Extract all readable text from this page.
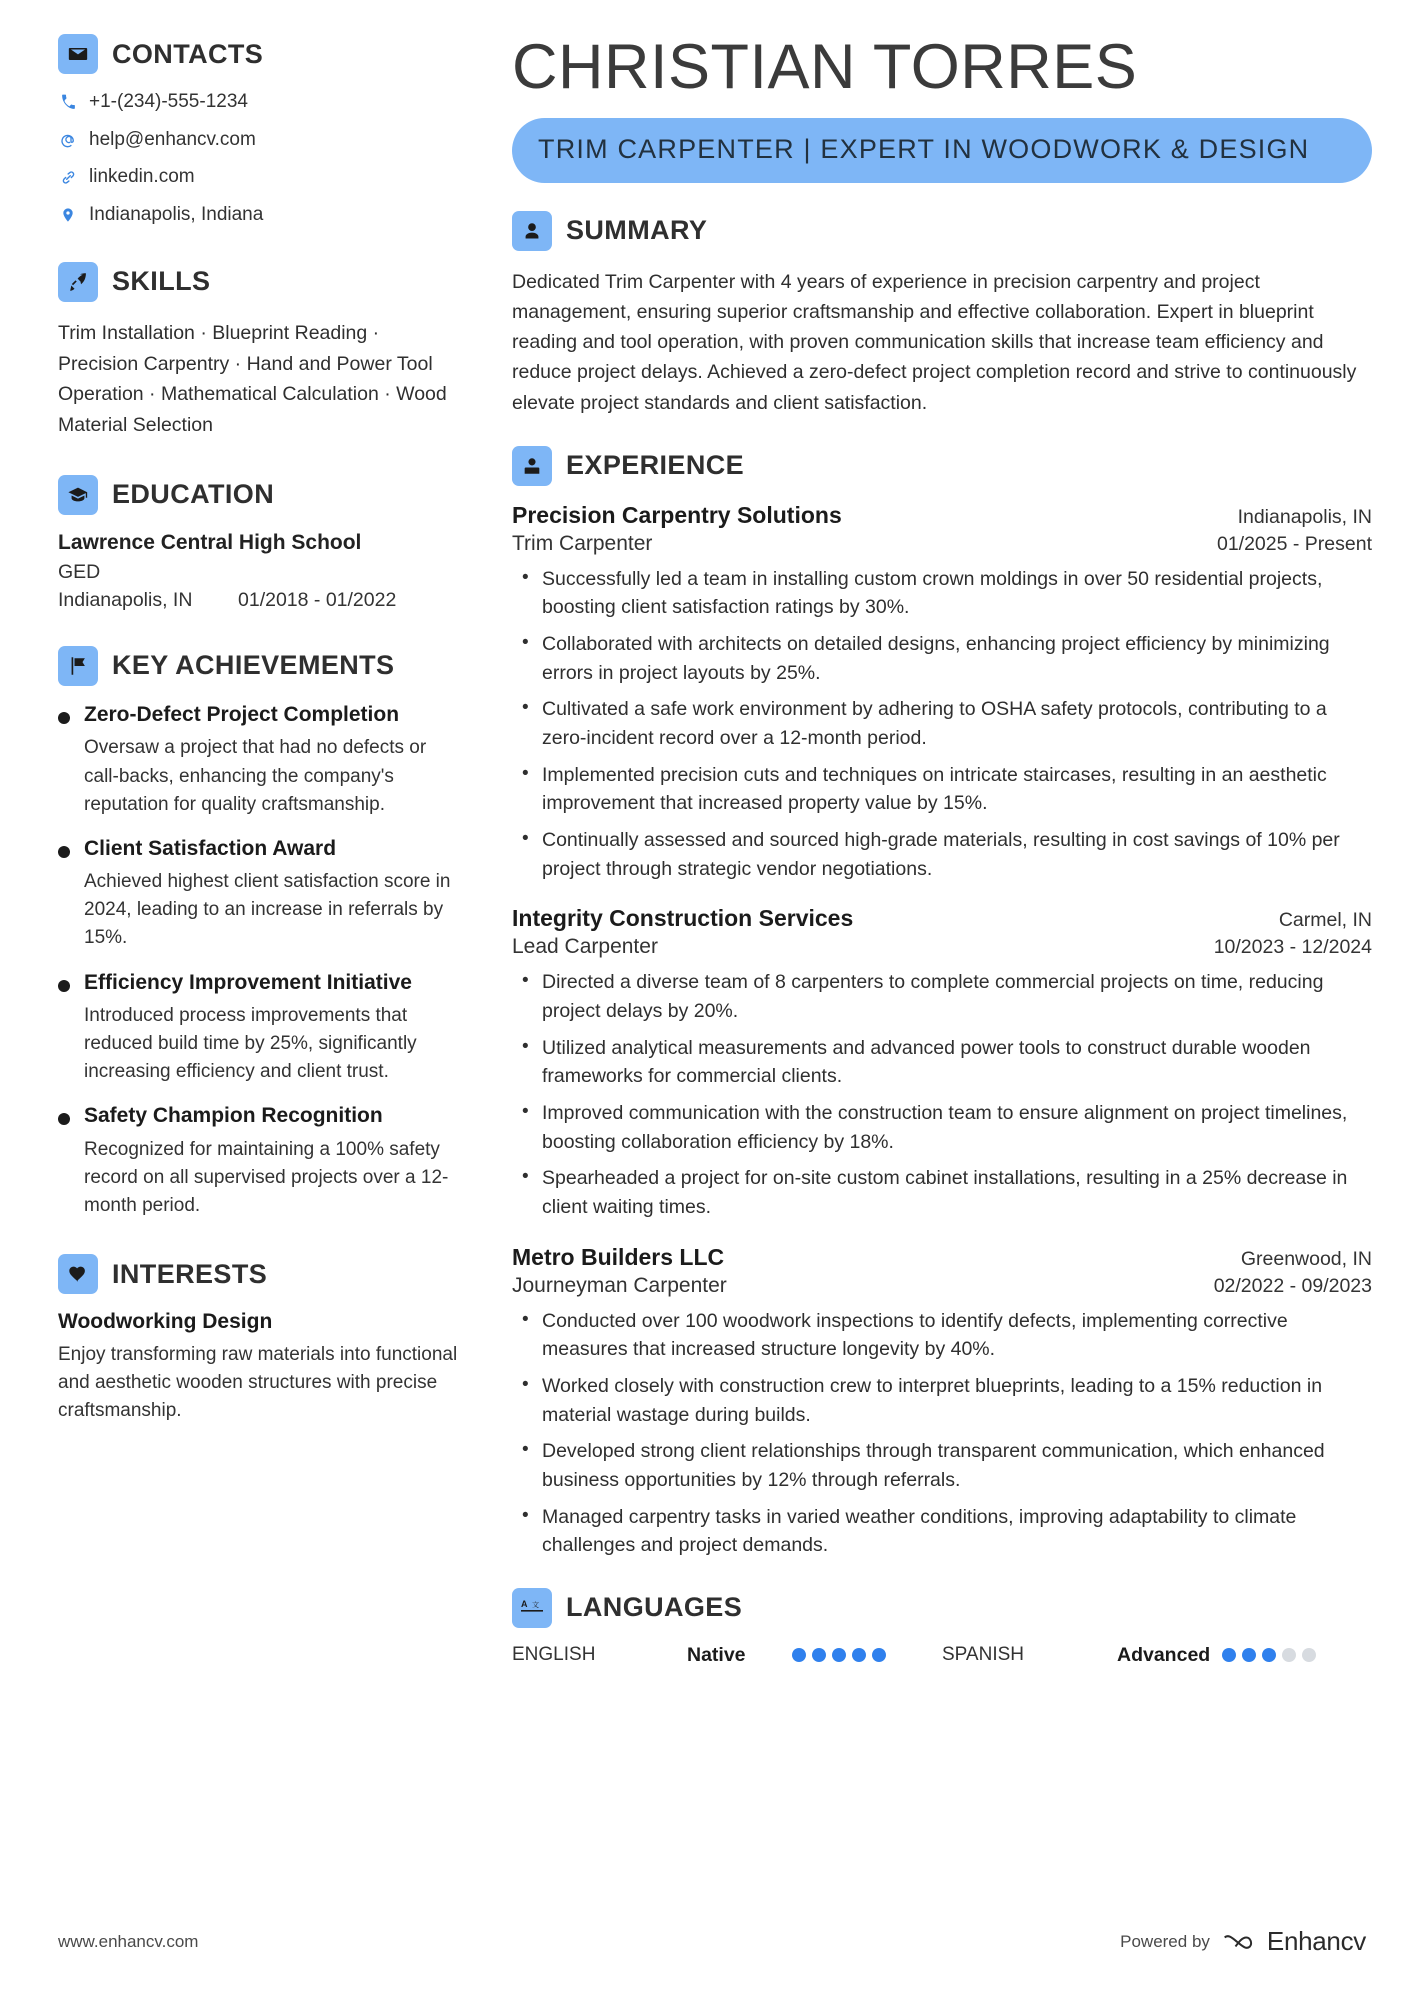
CONTACTS
+1-(234)-555-1234
help@enhancv.com
linkedin.com
Indianapolis, Indiana
SKILLS
Trim Installation · Blueprint Reading · Precision Carpentry · Hand and Power Tool Operation · Mathematical Calculation · Wood Material Selection
EDUCATION
Lawrence Central High School
GED
Indianapolis, IN	01/2018 - 01/2022
KEY ACHIEVEMENTS
Zero-Defect Project Completion
Oversaw a project that had no defects or call-backs, enhancing the company's reputation for quality craftsmanship.
Client Satisfaction Award
Achieved highest client satisfaction score in 2024, leading to an increase in referrals by 15%.
Efficiency Improvement Initiative
Introduced process improvements that reduced build time by 25%, significantly increasing efficiency and client trust.
Safety Champion Recognition
Recognized for maintaining a 100% safety record on all supervised projects over a 12-month period.
INTERESTS
Woodworking Design
Enjoy transforming raw materials into functional and aesthetic wooden structures with precise craftsmanship.
CHRISTIAN TORRES
TRIM CARPENTER | EXPERT IN WOODWORK & DESIGN
SUMMARY
Dedicated Trim Carpenter with 4 years of experience in precision carpentry and project management, ensuring superior craftsmanship and effective collaboration. Expert in blueprint reading and tool operation, with proven communication skills that increase team efficiency and reduce project delays. Achieved a zero-defect project completion record and strive to continuously elevate project standards and client satisfaction.
EXPERIENCE
Precision Carpentry Solutions	Indianapolis, IN
Trim Carpenter	01/2025 - Present
• Successfully led a team in installing custom crown moldings in over 50 residential projects, boosting client satisfaction ratings by 30%.
• Collaborated with architects on detailed designs, enhancing project efficiency by minimizing errors in project layouts by 25%.
• Cultivated a safe work environment by adhering to OSHA safety protocols, contributing to a zero-incident record over a 12-month period.
• Implemented precision cuts and techniques on intricate staircases, resulting in an aesthetic improvement that increased property value by 15%.
• Continually assessed and sourced high-grade materials, resulting in cost savings of 10% per project through strategic vendor negotiations.
Integrity Construction Services	Carmel, IN
Lead Carpenter	10/2023 - 12/2024
• Directed a diverse team of 8 carpenters to complete commercial projects on time, reducing project delays by 20%.
• Utilized analytical measurements and advanced power tools to construct durable wooden frameworks for commercial clients.
• Improved communication with the construction team to ensure alignment on project timelines, boosting collaboration efficiency by 18%.
• Spearheaded a project for on-site custom cabinet installations, resulting in a 25% decrease in client waiting times.
Metro Builders LLC	Greenwood, IN
Journeyman Carpenter	02/2022 - 09/2023
• Conducted over 100 woodwork inspections to identify defects, implementing corrective measures that increased structure longevity by 40%.
• Worked closely with construction crew to interpret blueprints, leading to a 15% reduction in material wastage during builds.
• Developed strong client relationships through transparent communication, which enhanced business opportunities by 12% through referrals.
• Managed carpentry tasks in varied weather conditions, improving adaptability to climate challenges and project demands.
A 文 LANGUAGES
ENGLISH	Native	SPANISH	Advanced
www.enhancv.com	Powered by Enhancv
